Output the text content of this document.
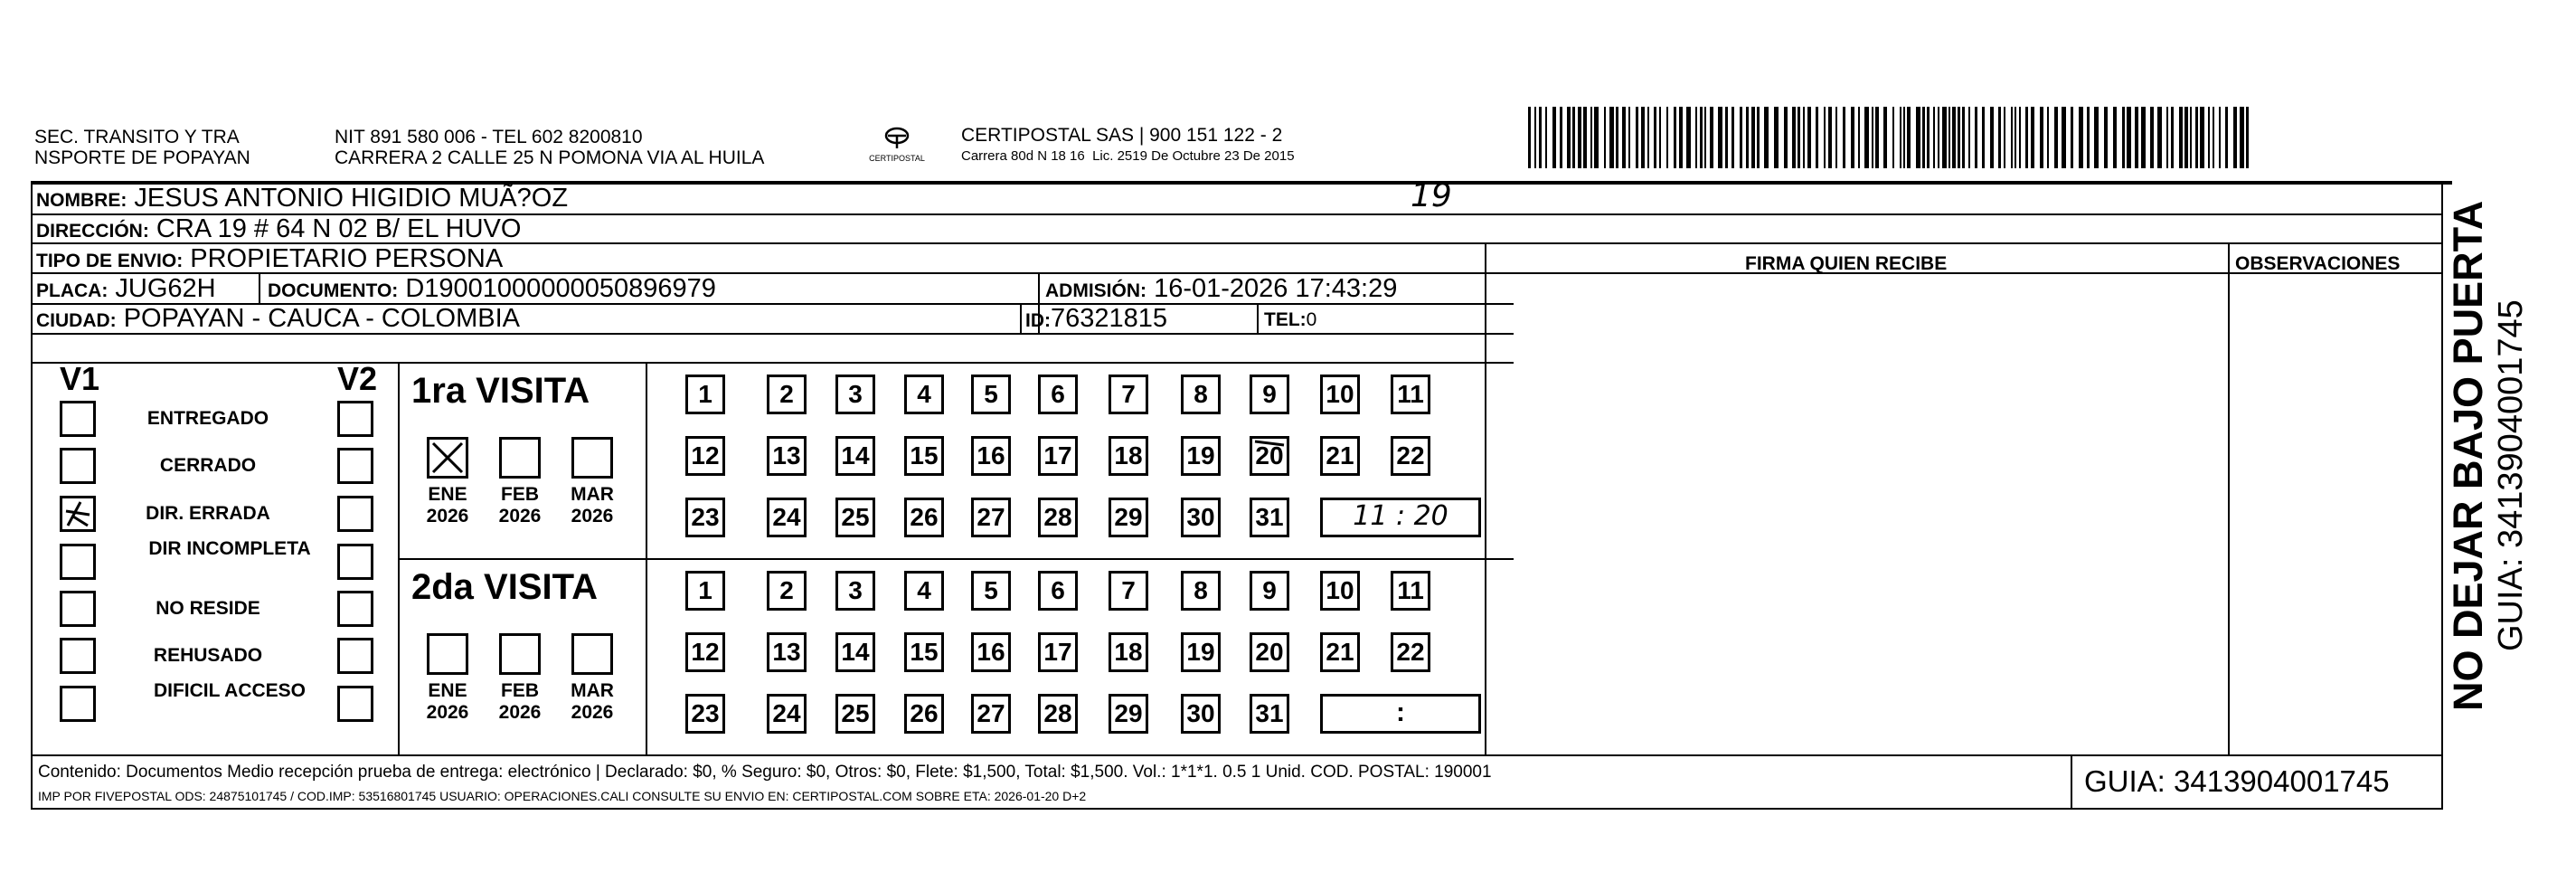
SEC. TRANSITO Y TRA
NSPORTE DE POPAYAN
NIT 891 580 006 - TEL 602 8200810
CARRERA 2 CALLE 25 N POMONA VIA AL HUILA	CERTIPOSTAL
CERTIPOSTAL SAS | 900 151 122 - 2
Carrera 80d N 18 16  Lic. 2519 De Octubre 23 De 2015
NOMBRE: JESUS ANTONIO HIGIDIO MUÃ?OZ
DIRECCIÓN: CRA 19 # 64 N 02 B/ EL HUVO
TIPO DE ENVIO: PROPIETARIO PERSONA	FIRMA QUIEN RECIBE	OBSERVACIONES
PLACA: JUG62H	DOCUMENTO: D19001000000050896979	ADMISIÓN: 16-01-2026 17:43:29
CIUDAD: POPAYAN - CAUCA - COLOMBIA	ID:76321815	TEL:0
19
V1	V2
ENTREGADO
CERRADO
DIR. ERRADA
DIR INCOMPLETA
NO RESIDE
REHUSADO
DIFICIL ACCESO
1ra VISITA
ENE
2026
FEB
2026
MAR
2026
1	2	3	4	5	6	7	8	9	10 11
12 13 14 15 16 17 18 19 20 21 22
23 24 25 26 27 28 29 30 31	11 : 20
2da VISITA
ENE
2026
FEB
2026
MAR
2026
1	2	3	4	5	6	7	8	9	10 11
12 13 14 15 16 17 18 19 20 21 22
23 24 25 26 27 28 29 30 31	:
Contenido: Documentos Medio recepción prueba de entrega: electrónico | Declarado: $0, % Seguro: $0, Otros: $0, Flete: $1,500, Total: $1,500. Vol.: 1*1*1. 0.5 1 Unid. COD. POSTAL: 190001
IMP POR FIVEPOSTAL ODS: 24875101745 / COD.IMP: 53516801745 USUARIO: OPERACIONES.CALI CONSULTE SU ENVIO EN: CERTIPOSTAL.COM SOBRE ETA: 2026-01-20 D+2	GUIA: 3413904001745
NO DEJAR BAJO PUERTA GUIA: 3413904001745
